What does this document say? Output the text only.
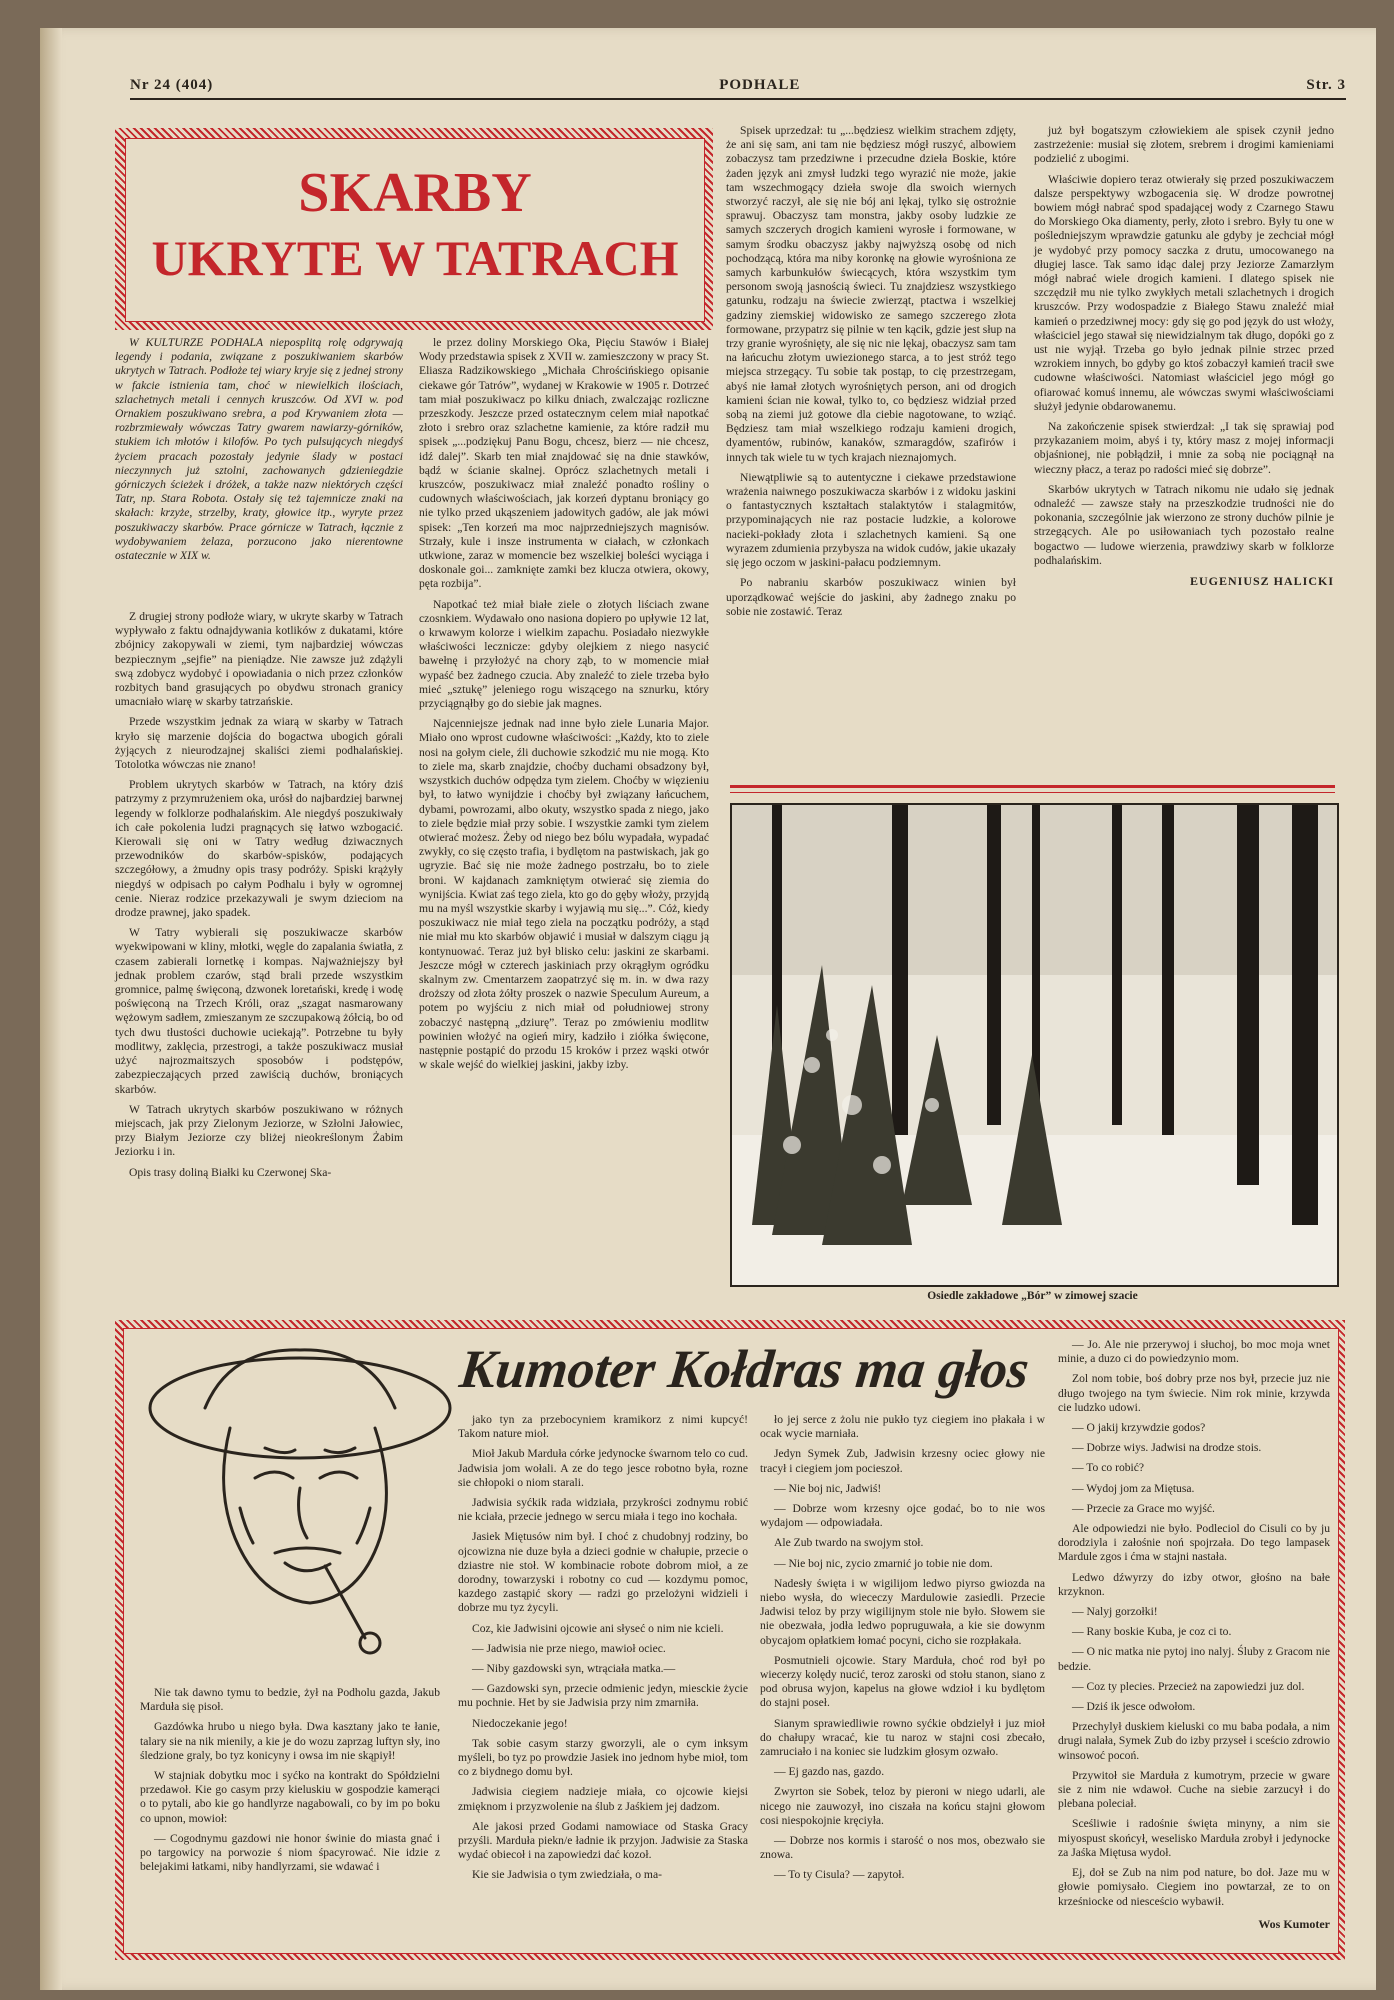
Nr 24 (404)	PODHALE	Str. 3
SKARBY
UKRYTE W TATRACH

W KULTURZE PODHALA nieposplitą rolę odgrywają legendy i podania, związane z poszukiwaniem skarbów ukrytych w Tatrach. Podłoże tej wiary kryje się z jednej strony w fakcie istnienia tam, choć w niewielkich ilościach, szlachetnych metali i cennych kruszców. Od XVI w. pod Ornakiem poszukiwano srebra, a pod Krywaniem złota — rozbrzmiewały wówczas Tatry gwarem nawiarzy-górników, stukiem ich młotów i kilofów. Po tych pulsujących niegdyś życiem pracach pozostały jedynie ślady w postaci nieczynnych już sztolni, zachowanych gdzieniegdzie górniczych ścieżek i dróżek, a także nazw niektórych części Tatr, np. Stara Robota. Ostały się też tajemnicze znaki na skałach: krzyże, strzelby, kraty, głowice itp., wyryte przez poszukiwaczy skarbów. Prace górnicze w Tatrach, łącznie z wydobywaniem żelaza, porzucono jako nierentowne ostatecznie w XIX w.

Z drugiej strony podłoże wiary, w ukryte skarby w Tatrach wypływało z faktu odnajdywania kotlików z dukatami, które zbójnicy zakopywali w ziemi, tym najbardziej wówczas bezpiecznym „sejfie” na pieniądze. Nie zawsze już zdążyli swą zdobycz wydobyć i opowiadania o nich przez członków rozbitych band grasujących po obydwu stronach granicy umacniało wiarę w skarby tatrzańskie.

Przede wszystkim jednak za wiarą w skarby w Tatrach kryło się marzenie dojścia do bogactwa ubogich górali żyjących z nieurodzajnej skaliści ziemi podhalańskiej. Totolotka wówczas nie znano!

Problem ukrytych skarbów w Tatrach, na który dziś patrzymy z przymrużeniem oka, urósł do najbardziej barwnej legendy w folklorze podhalańskim. Ale niegdyś poszukiwały ich całe pokolenia ludzi pragnących się łatwo wzbogacić. Kierowali się oni w Tatry według dziwacznych przewodników do skarbów-spisków, podających szczegółowy, a żmudny opis trasy podróży. Spiski krążyły niegdyś w odpisach po całym Podhalu i były w ogromnej cenie. Nieraz rodzice przekazywali je swym dzieciom na drodze prawnej, jako spadek.

W Tatry wybierali się poszukiwacze skarbów wyekwipowani w kliny, młotki, węgle do zapalania światła, z czasem zabierali lornetkę i kompas. Najważniejszy był jednak problem czarów, stąd brali przede wszystkim gromnice, palmę święconą, dzwonek loretański, kredę i wodę poświęconą na Trzech Króli, oraz „szagat nasmarowany wężowym sadłem, zmieszanym ze szczupakową żółcią, bo od tych dwu tłustości duchowie uciekają”. Potrzebne tu były modlitwy, zaklęcia, przestrogi, a także poszukiwacz musiał użyć najrozmaitszych sposobów i podstępów, zabezpieczających przed zawiścią duchów, broniących skarbów.

W Tatrach ukrytych skarbów poszukiwano w różnych miejscach, jak przy Zielonym Jeziorze, w Szłolni Jałowiec, przy Białym Jeziorze czy bliżej nieokreślonym Żabim Jeziorku i in.

Opis trasy doliną Białki ku Czerwonej Ska-

le przez doliny Morskiego Oka, Pięciu Stawów i Białej Wody przedstawia spisek z XVII w. zamieszczony w pracy St. Eliasza Radzikowskiego „Michała Chrościńskiego opisanie ciekawe gór Tatrów”, wydanej w Krakowie w 1905 r. Dotrzeć tam miał poszukiwacz po kilku dniach, zwalczając rozliczne przeszkody. Jeszcze przed ostatecznym celem miał napotkać złoto i srebro oraz szlachetne kamienie, za które radził mu spisek „...podziękuj Panu Bogu, chcesz, bierz — nie chcesz, idź dalej”. Skarb ten miał znajdować się na dnie stawków, bądź w ścianie skalnej. Oprócz szlachetnych metali i kruszców, poszukiwacz miał znaleźć ponadto rośliny o cudownych właściwościach, jak korzeń dyptanu broniący go nie tylko przed ukąszeniem jadowitych gadów, ale jak mówi spisek: „Ten korzeń ma moc najprzedniejszych magnisów. Strzały, kule i insze instrumenta w ciałach, w członkach utkwione, zaraz w momencie bez wszelkiej boleści wyciąga i doskonale goi... zamknięte zamki bez klucza otwiera, okowy, pęta rozbija”.

Napotkać też miał białe ziele o złotych liściach zwane czosnkiem. Wydawało ono nasiona dopiero po upływie 12 lat, o krwawym kolorze i wielkim zapachu. Posiadało niezwykłe właściwości lecznicze: gdyby olejkiem z niego nasycić bawełnę i przyłożyć na chory ząb, to w momencie miał wypaść bez żadnego czucia. Aby znaleźć to ziele trzeba było mieć „sztukę” jeleniego rogu wiszącego na sznurku, który przyciągnąłby go do siebie jak magnes.

Najcenniejsze jednak nad inne było ziele Lunaria Major. Miało ono wprost cudowne właściwości: „Każdy, kto to ziele nosi na gołym ciele, źli duchowie szkodzić mu nie mogą. Kto to ziele ma, skarb znajdzie, choćby duchami obsadzony był, wszystkich duchów odpędza tym zielem. Choćby w więzieniu był, to łatwo wynijdzie i choćby był związany łańcuchem, dybami, powrozami, albo okuty, wszystko spada z niego, jako to ziele będzie miał przy sobie. I wszystkie zamki tym zielem otwierać możesz. Żeby od niego bez bólu wypadała, wypadać zwykły, co się często trafia, i bydlętom na pastwiskach, jak go ugryzie. Bać się nie może żadnego postrzału, bo to ziele broni. W kajdanach zamkniętym otwierać się ziemia do wynijścia. Kwiat zaś tego ziela, kto go do gęby włoży, przyjdą mu na myśl wszystkie skarby i wyjawią mu się...”. Cóż, kiedy poszukiwacz nie miał tego ziela na początku podróży, a stąd nie miał mu kto skarbów objawić i musiał w dalszym ciągu ją kontynuować. Teraz już był blisko celu: jaskini ze skarbami. Jeszcze mógł w czterech jaskiniach przy okrągłym ogródku skalnym zw. Cmentarzem zaopatrzyć się m. in. w dwa razy droższy od złota żółty proszek o nazwie Speculum Aureum, a potem po wyjściu z nich miał od południowej strony zobaczyć następną „dziurę”. Teraz po zmówieniu modlitw powinien włożyć na ogień miry, kadziło i ziółka święcone, następnie postąpić do przodu 15 kroków i przez wąski otwór w skale wejść do wielkiej jaskini, jakby izby.

Spisek uprzedzał: tu „...będziesz wielkim strachem zdjęty, że ani się sam, ani tam nie będziesz mógł ruszyć, albowiem zobaczysz tam przedziwne i przecudne dzieła Boskie, które żaden język ani zmysł ludzki tego wyrazić nie może, jakie tam wszechmogący dzieła swoje dla swoich wiernych stworzyć raczył, ale się nie bój ani lękaj, tylko się ostrożnie sprawuj. Obaczysz tam monstra, jakby osoby ludzkie ze samych szczerych drogich kamieni wyrosłe i formowane, w samym środku obaczysz jakby najwyższą osobę od nich pochodzącą, która ma niby koronkę na głowie wyrośniona ze samych karbunkułów świecących, która wszystkim tym personom swoją jasnością świeci. Tu znajdziesz wszystkiego gatunku, rodzaju na świecie zwierząt, ptactwa i wszelkiej gadziny ziemskiej widowisko ze samego szczerego złota formowane, przypatrz się pilnie w ten kącik, gdzie jest słup na trzy granie wyrośnięty, ale się nic nie lękaj, obaczysz sam tam na łańcuchu złotym uwiezionego starca, a to jest stróż tego miejsca strzegący. Tu sobie tak postąp, to cię przestrzegam, abyś nie łamał złotych wyrośniętych person, ani od drogich kamieni ścian nie kował, tylko to, co będziesz widział przed sobą na ziemi już gotowe dla ciebie nagotowane, to wziąć. Będziesz tam miał wszelkiego rodzaju kamieni drogich, dyamentów, rubinów, kanaków, szmaragdów, szafirów i innych tak wiele tu w tych krajach nieznajomych.

Niewątpliwie są to autentyczne i ciekawe przedstawione wrażenia naiwnego poszukiwacza skarbów i z widoku jaskini o fantastycznych kształtach stalaktytów i stalagmitów, przypominających nie raz postacie ludzkie, a kolorowe nacieki-pokłady złota i szlachetnych kamieni. Są one wyrazem zdumienia przybysza na widok cudów, jakie ukazały się jego oczom w jaskini-pałacu podziemnym.

Po nabraniu skarbów poszukiwacz winien był uporządkować wejście do jaskini, aby żadnego znaku po sobie nie zostawić. Teraz

już był bogatszym człowiekiem ale spisek czynił jedno zastrzeżenie: musiał się złotem, srebrem i drogimi kamieniami podzielić z ubogimi.

Właściwie dopiero teraz otwierały się przed poszukiwaczem dalsze perspektywy wzbogacenia się. W drodze powrotnej bowiem mógł nabrać spod spadającej wody z Czarnego Stawu do Morskiego Oka diamenty, perły, złoto i srebro. Były tu one w pośledniejszym wprawdzie gatunku ale gdyby je zechciał mógł je wydobyć przy pomocy saczka z drutu, umocowanego na długiej lasce. Tak samo idąc dalej przy Jeziorze Zamarzłym mógł nabrać wiele drogich kamieni. I dlatego spisek nie szczędził mu nie tylko zwykłych metali szlachetnych i drogich kruszców. Przy wodospadzie z Białego Stawu znaleźć miał kamień o przedziwnej mocy: gdy się go pod język do ust włoży, właściciel jego stawał się niewidzialnym tak długo, dopóki go z ust nie wyjął. Trzeba go było jednak pilnie strzec przed wzrokiem innych, bo gdyby go ktoś zobaczył kamień tracił swe cudowne właściwości. Natomiast właściciel jego mógł go ofiarować komuś innemu, ale wówczas swymi właściwościami służył jedynie obdarowanemu.

Na zakończenie spisek stwierdzał: „I tak się sprawiaj pod przykazaniem moim, abyś i ty, który masz z mojej informacji objaśnionej, nie pobłądził, i mnie za sobą nie pociągnął na wieczny płacz, a teraz po radości mieć się dobrze”.

Skarbów ukrytych w Tatrach nikomu nie udało się jednak odnaleźć — zawsze stały na przeszkodzie trudności nie do pokonania, szczególnie jak wierzono ze strony duchów pilnie je strzegących. Ale po usiłowaniach tych pozostało realne bogactwo — ludowe wierzenia, prawdziwy skarb w folklorze podhalańskim.

EUGENIUSZ HALICKI
Osiedle zakładowe „Bór” w zimowej szacie
Kumoter Kołdras ma głos

Nie tak dawno tymu to bedzie, żył na Podholu gazda, Jakub Marduła się pisoł.

Gazdówka hrubo u niego była. Dwa kasztany jako te łanie, talary sie na nik mienily, a kie je do wozu zaprzag luftyn sły, ino śledzione graly, bo tyz konicyny i owsa im nie skąpiył!

W stajniak dobytku moc i syćko na kontrakt do Spółdzielni przedawoł. Kie go casym przy kieluskiu w gospodzie kamerąci o to pytali, abo kie go handlyrze nagabowali, co by im po boku co upnon, mowioł:

— Cogodnymu gazdowi nie honor świnie do miasta gnać i po targowicy na porwozie ś niom śpacyrować. Nie idzie z belejakimi łatkami, niby handlyrzami, sie wdawać i

jako tyn za przebocyniem kramikorz z nimi kupcyć! Takom nature mioł.

Mioł Jakub Marduła córke jedynocke śwarnom telo co cud. Jadwisia jom wołali. A ze do tego jesce robotno była, rozne sie chłopoki o niom starali.

Jadwisia syćkik rada widziała, przykrości zodnymu robić nie kciała, przecie jednego w sercu miała i tego ino kochała.

Jasiek Miętusów nim był. I choć z chudobnyj rodziny, bo ojcowizna nie duze była a dzieci godnie w chałupie, przecie o dziastre nie stoł. W kombinacie robote dobrom mioł, a ze dorodny, towarzyski i robotny co cud — kozdymu pomoc, kazdego zastąpić skory — radzi go przelożyni widzieli i dobrze mu tyz życyli.

Coz, kie Jadwisini ojcowie ani słyseć o nim nie kcieli.

— Jadwisia nie prze niego, mawioł ociec.

— Niby gazdowski syn, wtrąciała matka.—

— Gazdowski syn, przecie odmienic jedyn, miesckie życie mu pochnie. Het by sie Jadwisia przy nim zmarniła.

Niedoczekanie jego!

Tak sobie casym starzy gworzyli, ale o cym inksym myśleli, bo tyz po prowdzie Jasiek ino jednom hybe mioł, tom co z biydnego domu był.

Jadwisia ciegiem nadzieje miała, co ojcowie kiejsi zmięknom i przyzwolenie na ślub z Jaśkiem jej dadzom.

Ale jakosi przed Godami namowiace od Staska Gracy przyśli. Marduła piekn/e ładnie ik przyjon. Jadwisie za Staska wydać obiecoł i na zapowiedzi dać kozoł.

Kie sie Jadwisia o tym zwiedziała, o ma-

ło jej serce z żolu nie pukło tyz ciegiem ino płakała i w ocak wycie marniała.

Jedyn Symek Zub, Jadwisin krzesny ociec głowy nie tracył i ciegiem jom pocieszoł.

— Nie boj nic, Jadwiś!

— Dobrze wom krzesny ojce godać, bo to nie wos wydajom — odpowiadała.

Ale Zub twardo na swojym stoł.

— Nie boj nic, zycio zmarnić jo tobie nie dom.

Nadesły święta i w wigilijom ledwo piyrso gwiozda na niebo wysła, do wiececzy Mardulowie zasiedli. Przecie Jadwisi teloz by przy wigilijnym stole nie było. Słowem sie nie obezwała, jodła ledwo popruguwała, a kie sie dowynm obycajom opłatkiem łomać pocyni, cicho sie rozpłakała.

Posmutnieli ojcowie. Stary Marduła, choć rod był po wiecerzy kolędy nucić, teroz zaroski od stołu stanon, siano z pod obrusa wyjon, kapelus na głowe wdzioł i ku bydlętom do stajni poseł.

Sianym sprawiedliwie rowno syćkie obdzielył i juz mioł do chałupy wracać, kie tu naroz w stajni cosi zbecało, zamruciało i na koniec sie ludzkim głosym ozwało.

— Ej gazdo nas, gazdo.

Zwyrton sie Sobek, teloz by pieroni w niego udarli, ale nicego nie zauwozył, ino ciszała na końcu stajni głowom cosi niespokojnie kręciyła.

— Dobrze nos kormis i starość o nos mos, obezwało sie znowa.

— To ty Cisula? — zapytoł.

— Jo. Ale nie przerywoj i słuchoj, bo moc moja wnet minie, a duzo ci do powiedzynio mom.

Zol nom tobie, boś dobry prze nos był, przecie juz nie długo twojego na tym świecie. Nim rok minie, krzywda cie ludzko udowi.

— O jakij krzywdzie godos?

— Dobrze wiys. Jadwisi na drodze stois.

— To co robić?

— Wydoj jom za Miętusa.

— Przecie za Grace mo wyjść.

Ale odpowiedzi nie było. Podleciol do Cisuli co by ju dorodziyla i załośnie noń spojrzała. Do tego lampasek Mardule zgos i ćma w stajni nastała.

Ledwo dźwyrzy do izby otwor, głośno na bałe krzyknon.

— Nalyj gorzołki!

— Rany boskie Kuba, je coz ci to.

— O nic matka nie pytoj ino nalyj. Śluby z Gracom nie bedzie.

— Coz ty plecies. Przecież na zapowiedzi juz dol.

— Dziś ik jesce odwołom.

Przechylył duskiem kieluski co mu baba podała, a nim drugi nalała, Symek Zub do izby przyseł i sceścio zdrowio winsowoć pocoń.

Przywitoł sie Marduła z kumotrym, przecie w gware sie z nim nie wdawoł. Cuche na siebie zarzucył i do plebana poleciał.

Sceśliwie i radośnie święta minyny, a nim sie miyospust skońcył, weselisko Marduła zrobył i jedynocke za Jaśka Miętusa wydoł.

Ej, doł se Zub na nim pod nature, bo doł. Jaze mu w głowie pomiysało. Ciegiem ino powtarzał, ze to on krześniocke od niesceścio wybawił.

Wos Kumoter
